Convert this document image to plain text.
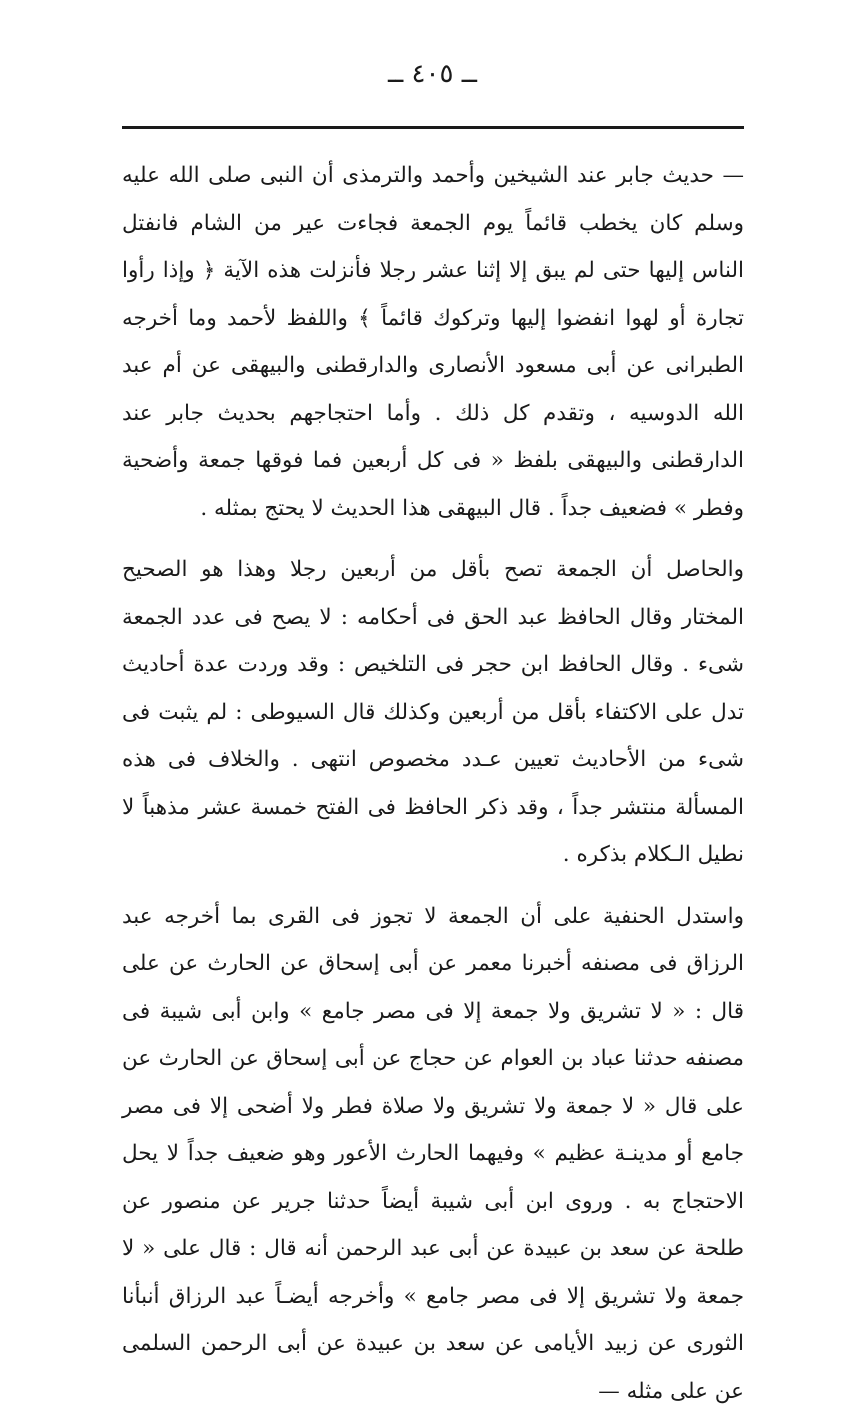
ــ ٤٠٥ ــ

— حديث جابر عند الشيخين وأحمد والترمذى أن النبى صلى الله عليه وسلم كان يخطب قائماً يوم الجمعة فجاءت عير من الشام فانفتل الناس إليها حتى لم يبق إلا إثنا عشر رجلا فأنزلت هذه الآية ﴿ وإذا رأوا تجارة أو لهوا انفضوا إليها وتركوك قائماً ﴾ واللفظ لأحمد وما أخرجه الطبرانى عن أبى مسعود الأنصارى والدارقطنى والبيهقى عن أم عبد الله الدوسيه ، وتقدم كل ذلك . وأما احتجاجهم بحديث جابر عند الدارقطنى والبيهقى بلفظ « فى كل أربعين فما فوقها جمعة وأضحية وفطر » فضعيف جداً . قال البيهقى هذا الحديث لا يحتج بمثله .

والحاصل أن الجمعة تصح بأقل من أربعين رجلا وهذا هو الصحيح المختار وقال الحافظ عبد الحق فى أحكامه : لا يصح فى عدد الجمعة شىء . وقال الحافظ ابن حجر فى التلخيص : وقد وردت عدة أحاديث تدل على الاكتفاء بأقل من أربعين وكذلك قال السيوطى : لم يثبت فى شىء من الأحاديث تعيين عـدد مخصوص انتهى . والخلاف فى هذه المسألة منتشر جداً ، وقد ذكر الحافظ فى الفتح خمسة عشر مذهباً لا نطيل الـكلام بذكره .

واستدل الحنفية على أن الجمعة لا تجوز فى القرى بما أخرجه عبد الرزاق فى مصنفه أخبرنا معمر عن أبى إسحاق عن الحارث عن على قال : « لا تشريق ولا جمعة إلا فى مصر جامع » وابن أبى شيبة فى مصنفه حدثنا عباد بن العوام عن حجاج عن أبى إسحاق عن الحارث عن على قال « لا جمعة ولا تشريق ولا صلاة فطر ولا أضحى إلا فى مصر جامع أو مدينـة عظيم » وفيهما الحارث الأعور وهو ضعيف جداً لا يحل الاحتجاج به . وروى ابن أبى شيبة أيضاً حدثنا جرير عن منصور عن طلحة عن سعد بن عبيدة عن أبى عبد الرحمن أنه قال : قال على « لا جمعة ولا تشريق إلا فى مصر جامع » وأخرجه أيضـاً عبد الرزاق أنبأنا الثورى عن زبيد الأيامى عن سعد بن عبيدة عن أبى الرحمن السلمى عن على مثله —
